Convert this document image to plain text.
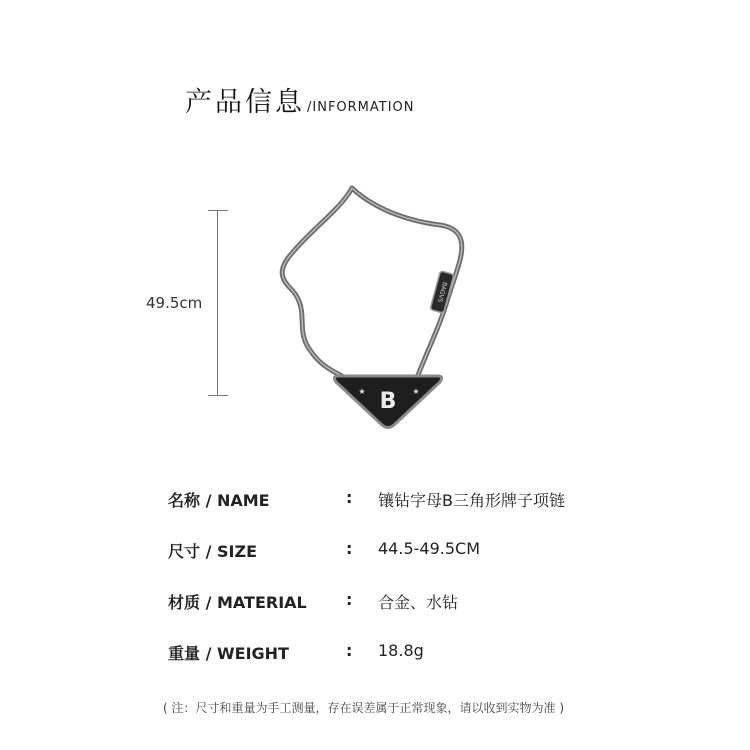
产品信息 /INFORMATION
49.5cm
BAGVS
B
★	★
名称 / NAME	: 镶钻字母B三角形牌子项链
尺寸 / SIZE	: 44.5-49.5CM
材质 / MATERIAL : 合金、水钻
重量 / WEIGHT	: 18.8g
( 注：尺寸和重量为手工测量，存在误差属于正常现象，请以收到实物为准 )
